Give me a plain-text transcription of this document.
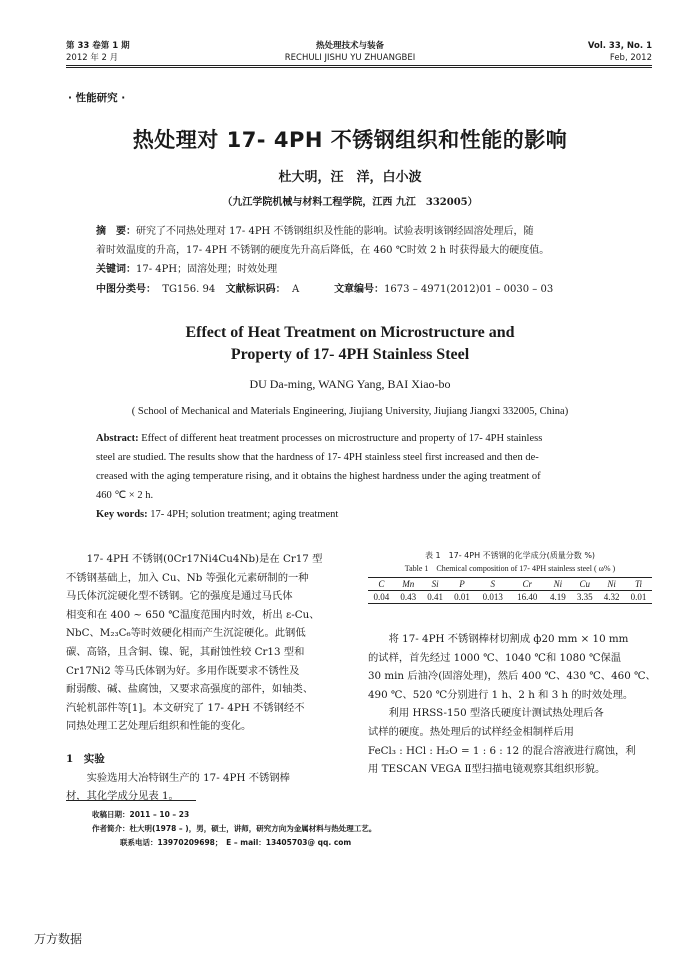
第 33 卷第 1 期
2012 年 2 月
热处理技术与装备
RECHULI JISHU YU ZHUANGBEI
Vol. 33, No. 1
Feb, 2012
· 性能研究 ·
热处理对 17- 4PH 不锈钢组织和性能的影响
杜大明，汪　洋，白小波
（九江学院机械与材料工程学院，江西 九江　332005）
摘　要：研究了不同热处理对 17- 4PH 不锈钢组织及性能的影响。试验表明该钢经固溶处理后，随
着时效温度的升高，17- 4PH 不锈钢的硬度先升高后降低，在 460 ℃时效 2 h 时获得最大的硬度值。
关键词：17- 4PH；固溶处理；时效处理
中图分类号： TG156. 94 文献标识码： A	文章编号：1673 – 4971(2012)01 – 0030 – 03
Effect of Heat Treatment on Microstructure and
Property of 17- 4PH Stainless Steel
DU Da-ming, WANG Yang, BAI Xiao-bo
( School of Mechanical and Materials Engineering, Jiujiang University, Jiujiang Jiangxi 332005, China)
Abstract: Effect of different heat treatment processes on microstructure and property of 17- 4PH stainless
steel are studied. The results show that the hardness of 17- 4PH stainless steel first increased and then de-
creased with the aging temperature rising, and it obtains the highest hardness under the aging treatment of
460 ℃ × 2 h.
Key words: 17- 4PH; solution treatment; aging treatment
17- 4PH 不锈钢(0Cr17Ni4Cu4Nb)是在 Cr17 型
不锈钢基础上，加入 Cu、Nb 等强化元素研制的一种
马氏体沉淀硬化型不锈钢。它的强度是通过马氏体
相变和在 400 ~ 650 ℃温度范围内时效，析出 ε-Cu、
NbC、M₂₃C₆等时效硬化相而产生沉淀硬化。此钢低
碳、高铬，且含铜、镍、铌，其耐蚀性较 Cr13 型和
Cr17Ni2 等马氏体钢为好。多用作既要求不锈性及
耐弱酸、碱、盐腐蚀，又要求高强度的部件，如轴类、
汽轮机部件等[1]。本文研究了 17- 4PH 不锈钢经不
同热处理工艺处理后组织和性能的变化。
1　实验
实验选用大冶特钢生产的 17- 4PH 不锈钢棒
材，其化学成分见表 1。
表 1　17- 4PH 不锈钢的化学成分(质量分数 %)
Table 1　Chemical composition of 17- 4PH stainless steel ( ω% )
C	Mn	Si	P	S	Cr	Ni	Cu	Ni	Ti
0.04	0.43	0.41	0.01	0.013	16.40	4.19	3.35	4.32	0.01
将 17- 4PH 不锈钢棒材切割成 ф20 mm × 10 mm
的试样，首先经过 1000 ℃、1040 ℃和 1080 ℃保温
30 min 后油冷(固溶处理)，然后 400 ℃、430 ℃、460 ℃、
490 ℃、520 ℃分别进行 1 h、2 h 和 3 h 的时效处理。
利用 HRSS-150 型洛氏硬度计测试热处理后各
试样的硬度。热处理后的试样经金相制样后用
FeCl₃ : HCl : H₂O = 1 : 6 : 12 的混合溶液进行腐蚀，利
用 TESCAN VEGA Ⅱ型扫描电镜观察其组织形貌。
收稿日期：2011 – 10 – 23
作者简介：杜大明(1978 – )，男，硕士，讲师，研究方向为金属材料与热处理工艺。
联系电话：13970209698；　E – mail：13405703@ qq. com
万方数据
